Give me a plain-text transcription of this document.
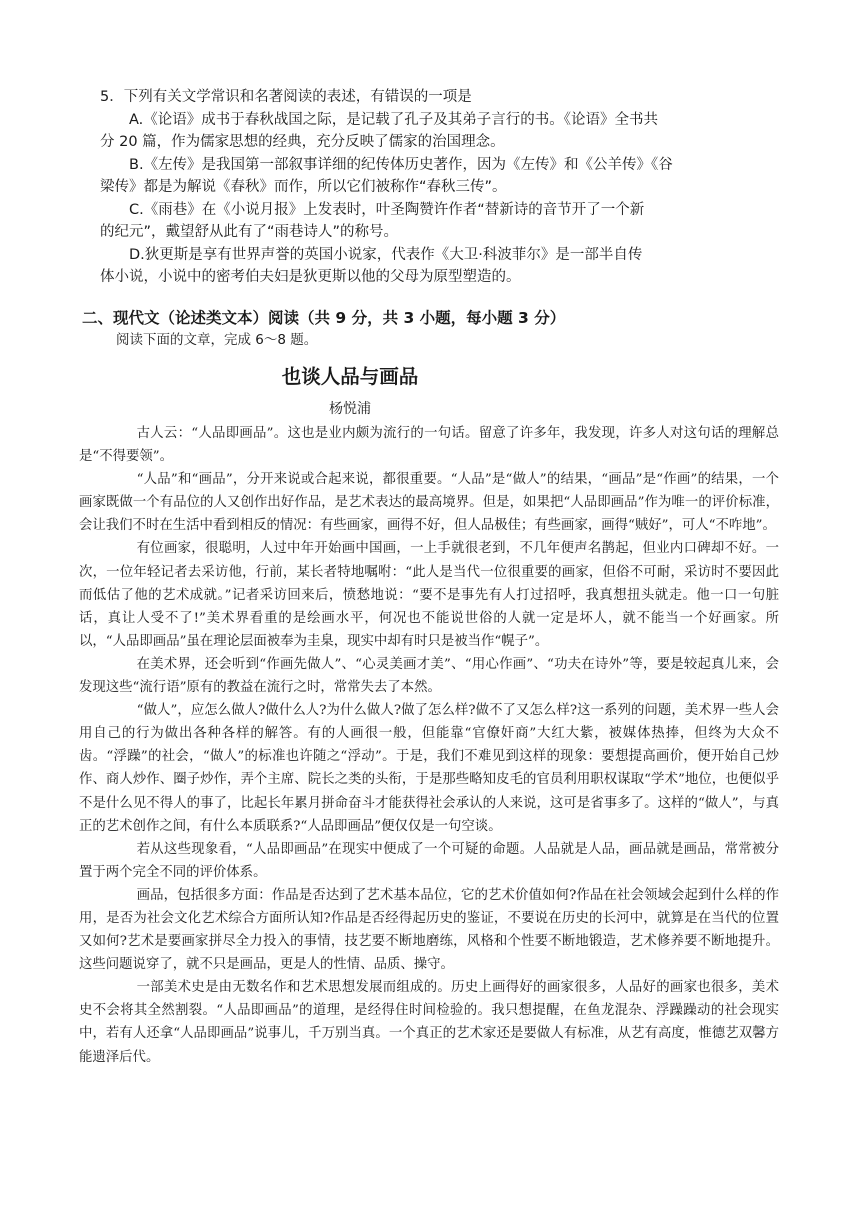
5．下列有关文学常识和名著阅读的表述，有错误的一项是
A.《论语》成书于春秋战国之际，是记载了孔子及其弟子言行的书。《论语》全书共
分 20 篇，作为儒家思想的经典，充分反映了儒家的治国理念。
B.《左传》是我国第一部叙事详细的纪传体历史著作，因为《左传》和《公羊传》《谷
梁传》都是为解说《春秋》而作，所以它们被称作“春秋三传”。
C.《雨巷》在《小说月报》上发表时，叶圣陶赞许作者“替新诗的音节开了一个新
的纪元”，戴望舒从此有了“雨巷诗人”的称号。
D.狄更斯是享有世界声誉的英国小说家，代表作《大卫·科波菲尔》是一部半自传
体小说，小说中的密考伯夫妇是狄更斯以他的父母为原型塑造的。
二、现代文（论述类文本）阅读（共 9 分，共 3 小题，每小题 3 分）
阅读下面的文章，完成 6～8 题。
也谈人品与画品
杨悦浦

古人云：“人品即画品”。这也是业内颇为流行的一句话。留意了许多年，我发现，许多人对这句话的理解总是“不得要领”。

“人品”和“画品”，分开来说或合起来说，都很重要。“人品”是“做人”的结果，“画品”是“作画”的结果，一个画家既做一个有品位的人又创作出好作品，是艺术表达的最高境界。但是，如果把“人品即画品”作为唯一的评价标准，会让我们不时在生活中看到相反的情况：有些画家，画得不好，但人品极佳；有些画家，画得“贼好”，可人“不咋地”。

有位画家，很聪明，人过中年开始画中国画，一上手就很老到，不几年便声名鹊起，但业内口碑却不好。一次，一位年轻记者去采访他，行前，某长者特地嘱咐：“此人是当代一位很重要的画家，但俗不可耐，采访时不要因此而低估了他的艺术成就。”记者采访回来后，愤愁地说：“要不是事先有人打过招呼，我真想扭头就走。他一口一句脏话，真让人受不了!”美术界看重的是绘画水平，何况也不能说世俗的人就一定是坏人，就不能当一个好画家。所以，“人品即画品”虽在理论层面被奉为圭臬，现实中却有时只是被当作“幌子”。

在美术界，还会听到“作画先做人”、“心灵美画才美”、“用心作画”、“功夫在诗外”等，要是较起真儿来，会发现这些“流行语”原有的教益在流行之时，常常失去了本然。

“做人”，应怎么做人?做什么人?为什么做人?做了怎么样?做不了又怎么样?这一系列的问题，美术界一些人会用自己的行为做出各种各样的解答。有的人画很一般，但能靠“官僚奸商”大红大紫，被媒体热捧，但终为大众不齿。“浮躁”的社会，“做人”的标准也许随之“浮动”。于是，我们不难见到这样的现象：要想提高画价，便开始自己炒作、商人炒作、圈子炒作，弄个主席、院长之类的头衔，于是那些略知皮毛的官员利用职权谋取“学术”地位，也便似乎不是什么见不得人的事了，比起长年累月拼命奋斗才能获得社会承认的人来说，这可是省事多了。这样的“做人”，与真正的艺术创作之间，有什么本质联系?“人品即画品”便仅仅是一句空谈。

若从这些现象看，“人品即画品”在现实中便成了一个可疑的命题。人品就是人品，画品就是画品，常常被分置于两个完全不同的评价体系。

画品，包括很多方面：作品是否达到了艺术基本品位，它的艺术价值如何?作品在社会领域会起到什么样的作用，是否为社会文化艺术综合方面所认知?作品是否经得起历史的鉴证，不要说在历史的长河中，就算是在当代的位置又如何?艺术是要画家拼尽全力投入的事情，技艺要不断地磨练，风格和个性要不断地锻造，艺术修养要不断地提升。这些问题说穿了，就不只是画品，更是人的性情、品质、操守。

一部美术史是由无数名作和艺术思想发展而组成的。历史上画得好的画家很多，人品好的画家也很多，美术史不会将其全然割裂。“人品即画品”的道理，是经得住时间检验的。我只想提醒，在鱼龙混杂、浮躁躁动的社会现实中，若有人还拿“人品即画品”说事儿，千万别当真。一个真正的艺术家还是要做人有标准，从艺有高度，惟德艺双馨方能遗泽后代。
